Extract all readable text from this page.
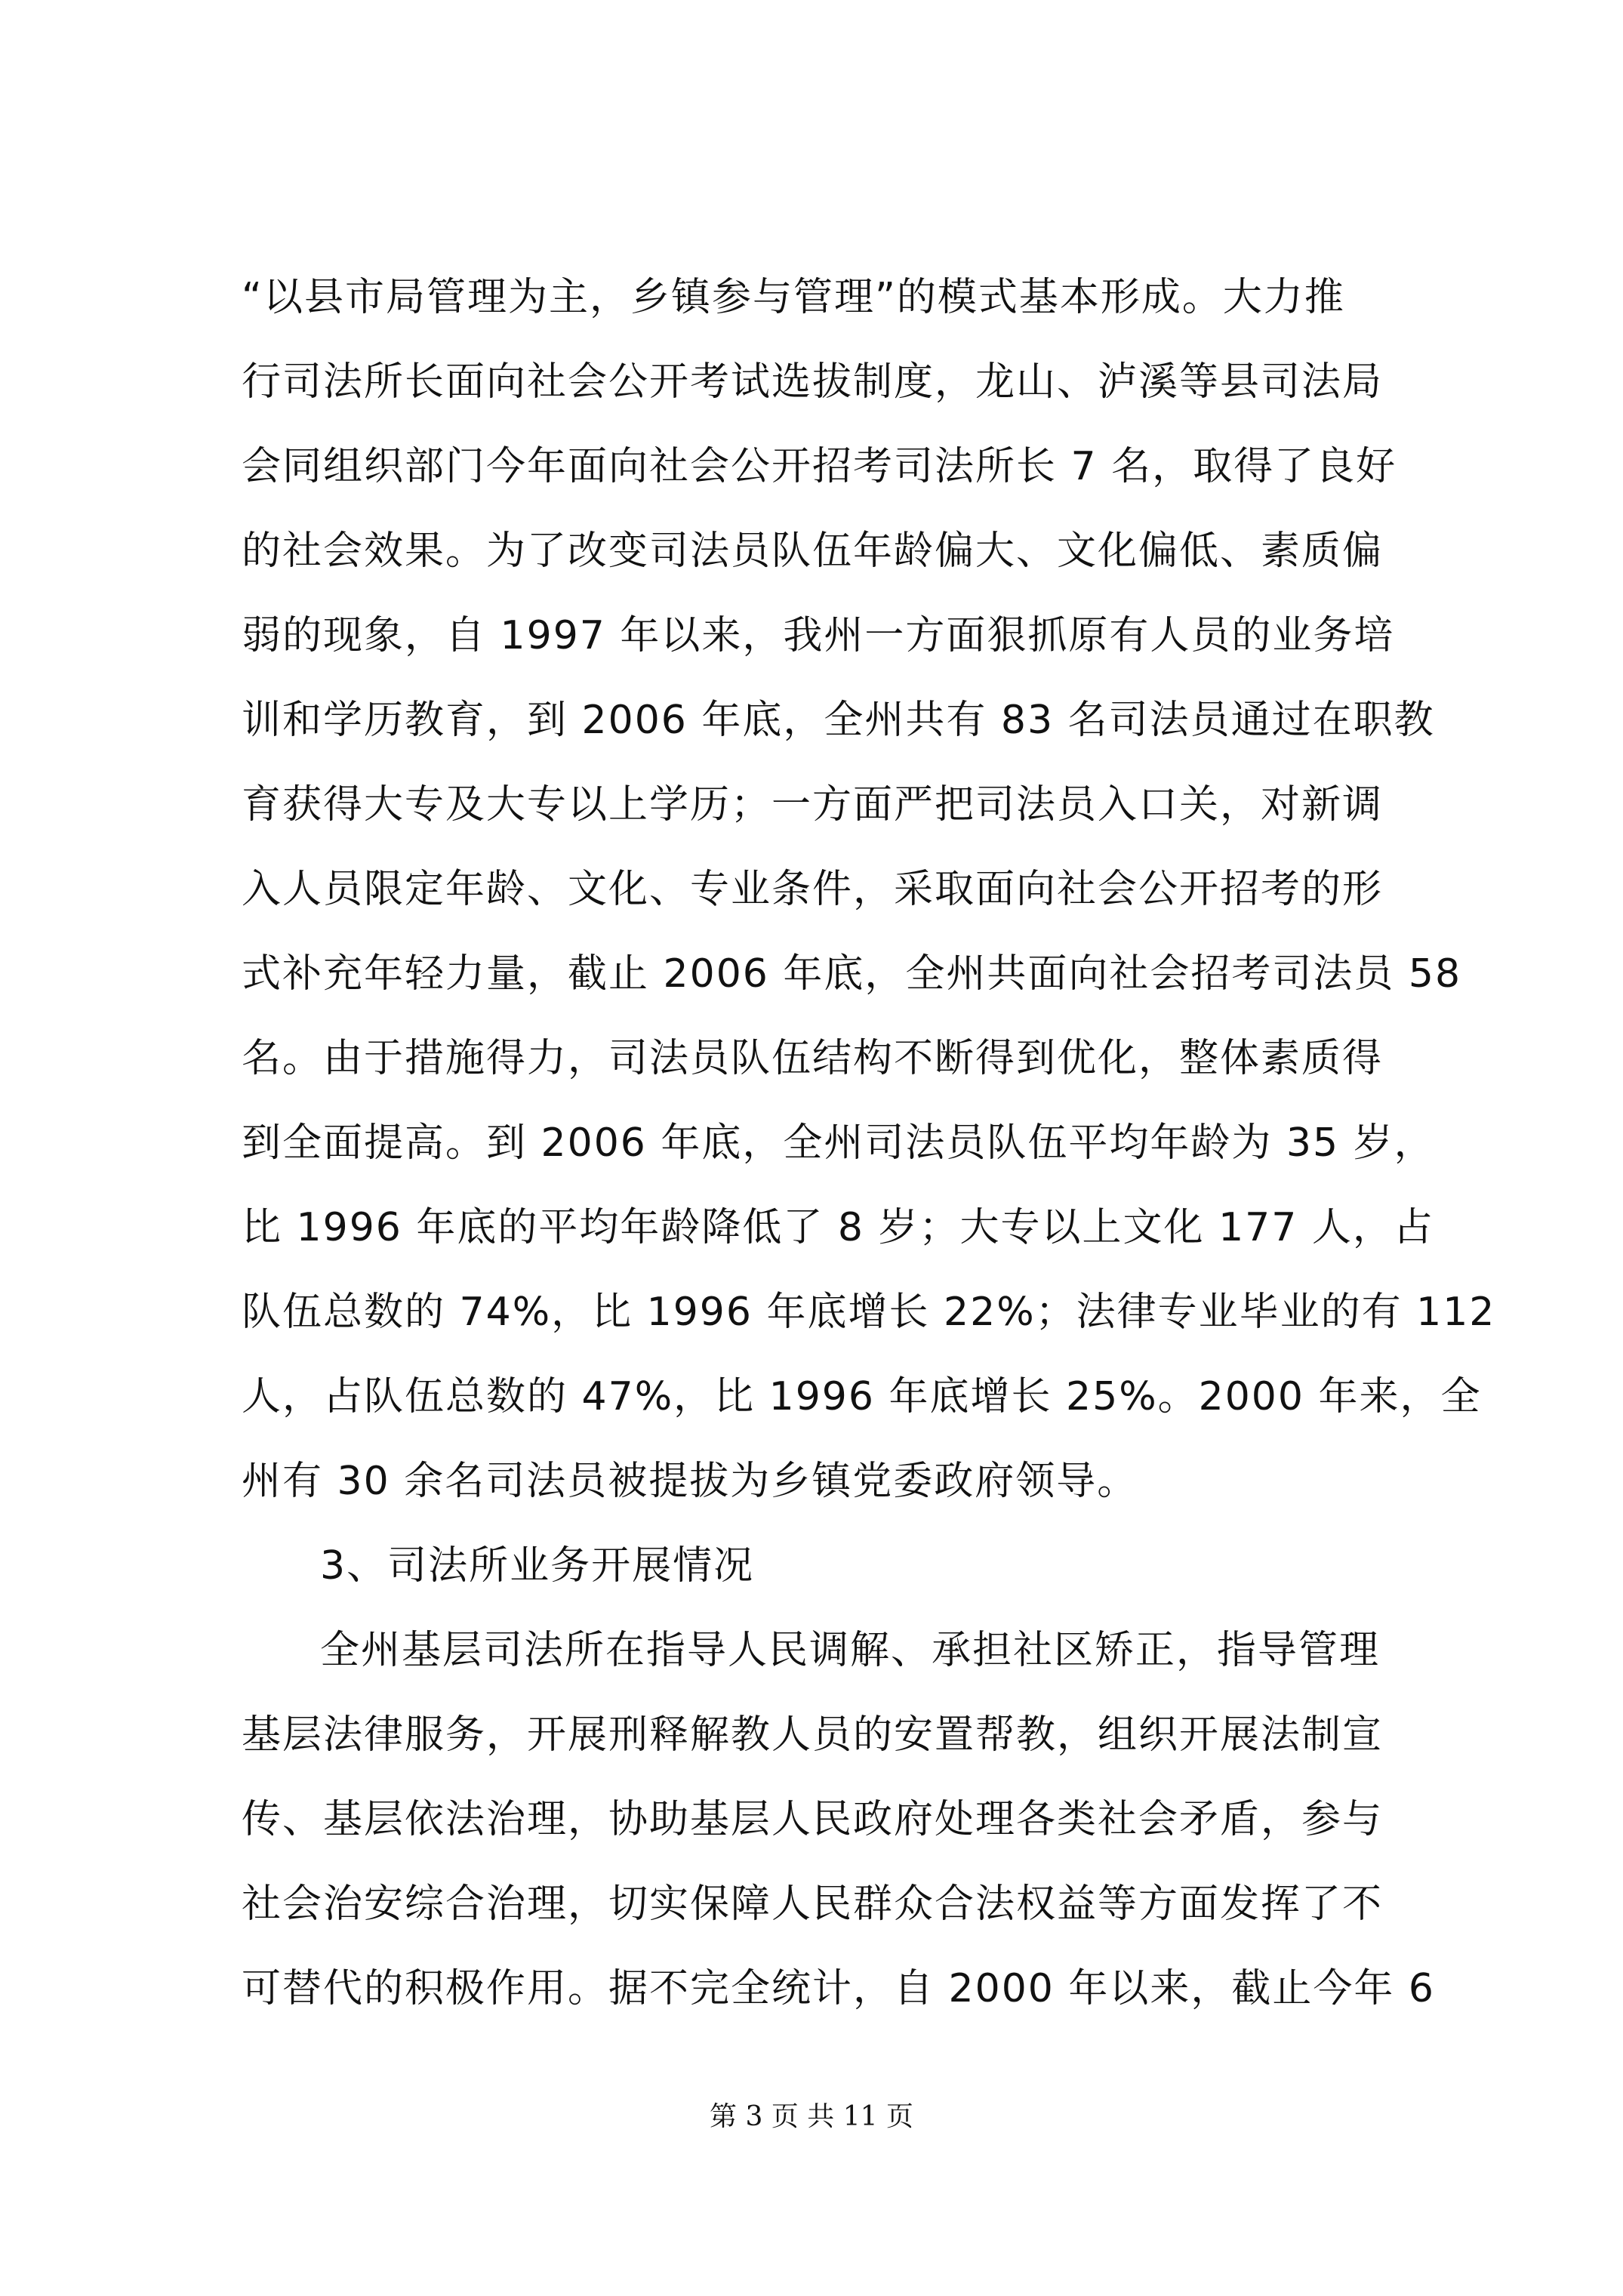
“以县市局管理为主，乡镇参与管理”的模式基本形成。大力推
行司法所长面向社会公开考试选拔制度，龙山、泸溪等县司法局
会同组织部门今年面向社会公开招考司法所长 7 名，取得了良好
的社会效果。为了改变司法员队伍年龄偏大、文化偏低、素质偏
弱的现象，自 1997 年以来，我州一方面狠抓原有人员的业务培
训和学历教育，到 2006 年底，全州共有 83 名司法员通过在职教
育获得大专及大专以上学历；一方面严把司法员入口关，对新调
入人员限定年龄、文化、专业条件，采取面向社会公开招考的形
式补充年轻力量，截止 2006 年底，全州共面向社会招考司法员 58
名。由于措施得力，司法员队伍结构不断得到优化，整体素质得
到全面提高。到 2006 年底，全州司法员队伍平均年龄为 35 岁，
比 1996 年底的平均年龄降低了 8 岁；大专以上文化 177 人，占
队伍总数的 74%，比 1996 年底增长 22%；法律专业毕业的有 112
人，占队伍总数的 47%，比 1996 年底增长 25%。2000 年来，全
州有 30 余名司法员被提拔为乡镇党委政府领导。
3、司法所业务开展情况
全州基层司法所在指导人民调解、承担社区矫正，指导管理
基层法律服务，开展刑释解教人员的安置帮教，组织开展法制宣
传、基层依法治理，协助基层人民政府处理各类社会矛盾，参与
社会治安综合治理，切实保障人民群众合法权益等方面发挥了不
可替代的积极作用。据不完全统计，自 2000 年以来，截止今年 6
第 3 页 共 11 页
